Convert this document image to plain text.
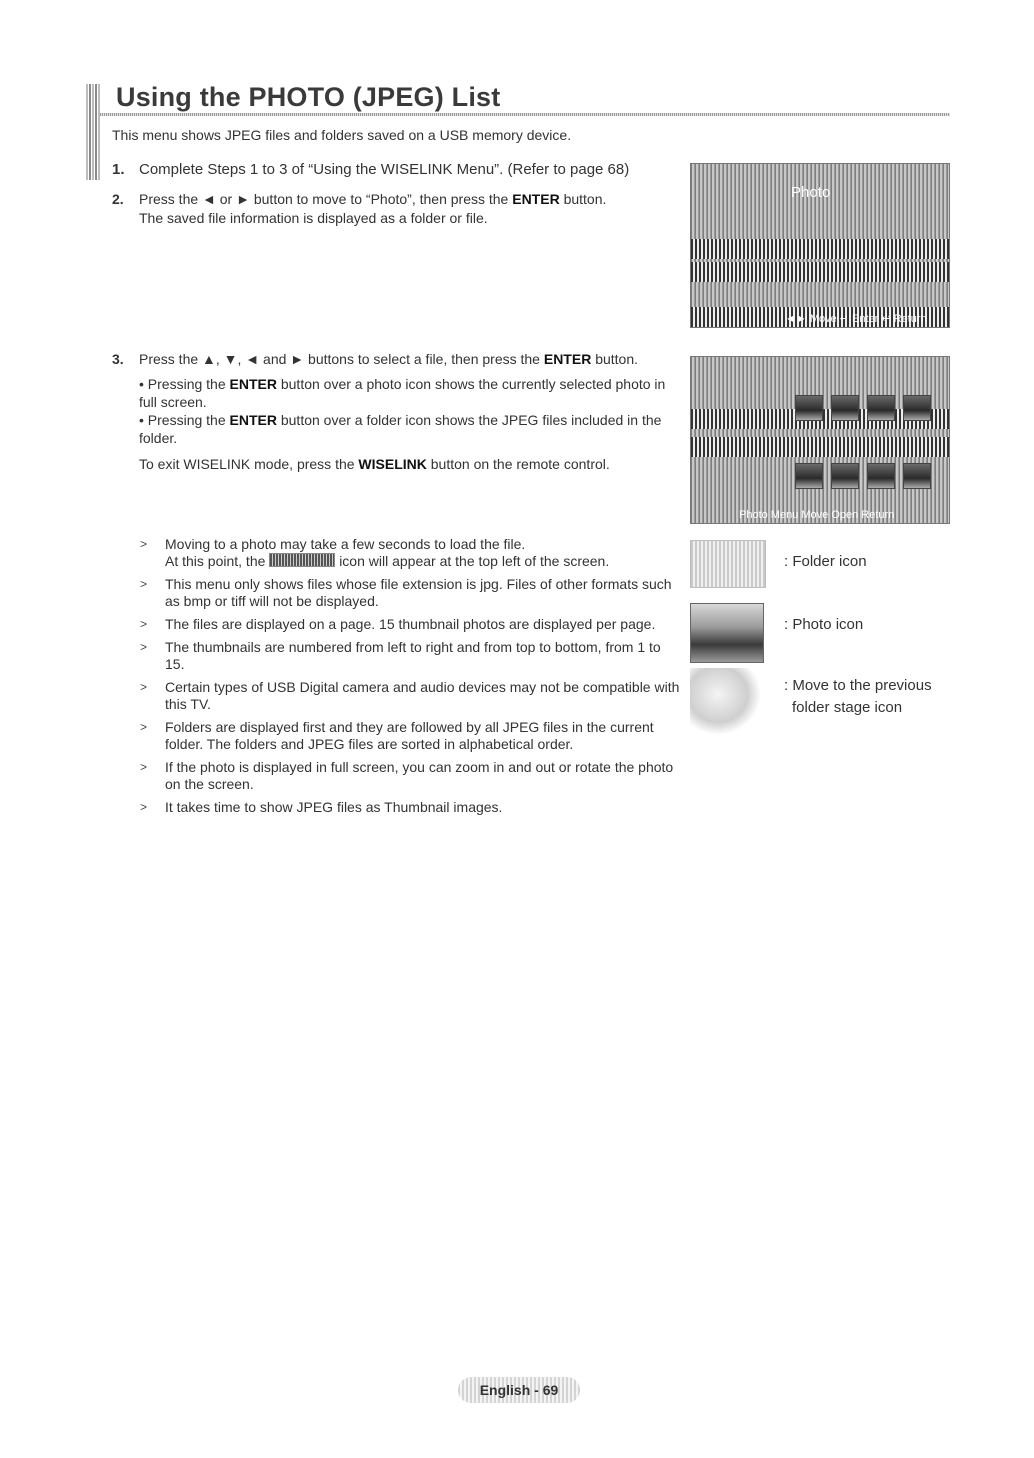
Using the PHOTO (JPEG) List
This menu shows JPEG files and folders saved on a USB memory device.
1. Complete Steps 1 to 3 of “Using the WISELINK Menu”. (Refer to page 68)
2. Press the ◄ or ► button to move to “Photo”, then press the ENTER button.
The saved file information is displayed as a folder or file.
3. Press the ▲, ▼, ◄ and ► buttons to select a file, then press the ENTER button.
• Pressing the ENTER button over a photo icon shows the currently selected photo in full screen.
• Pressing the ENTER button over a folder icon shows the JPEG files included in the folder.
To exit WISELINK mode, press the WISELINK button on the remote control.
Photo
◄► Move ↵ Enter ↩ Return
Photo Menu Move Open Return
> Moving to a photo may take a few seconds to load the file.
At this point, the	icon will appear at the top left of the screen.
> This menu only shows files whose file extension is jpg. Files of other formats such as bmp or tiff will not be displayed.
> The files are displayed on a page. 15 thumbnail photos are displayed per page.
> The thumbnails are numbered from left to right and from top to bottom, from 1 to 15.
> Certain types of USB Digital camera and audio devices may not be compatible with this TV.
> Folders are displayed first and they are followed by all JPEG files in the current folder. The folders and JPEG files are sorted in alphabetical order.
> If the photo is displayed in full screen, you can zoom in and out or rotate the photo on the screen.
> It takes time to show JPEG files as Thumbnail images.
: Folder icon
: Photo icon
: Move to the previous
folder stage icon
English - 69
